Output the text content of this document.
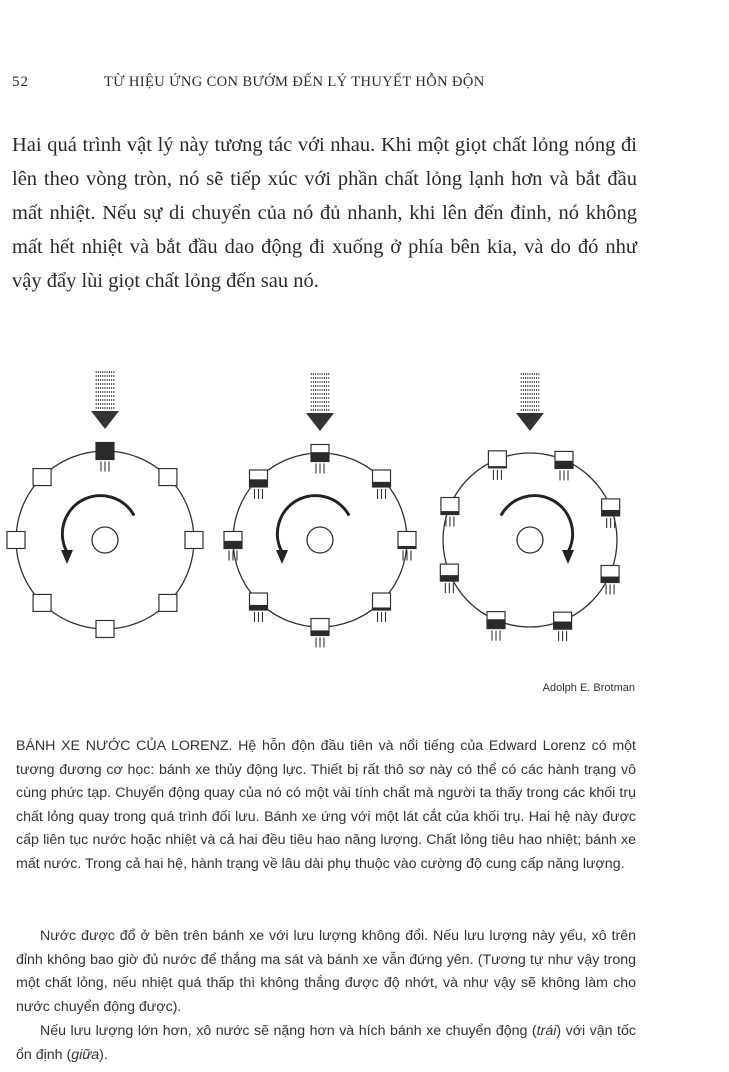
52	TỪ HIỆU ỨNG CON BƯỚM ĐẾN LÝ THUYẾT HỖN ĐỘN

Hai quá trình vật lý này tương tác với nhau. Khi một giọt chất lỏng nóng đi lên theo vòng tròn, nó sẽ tiếp xúc với phần chất lỏng lạnh hơn và bắt đầu mất nhiệt. Nếu sự di chuyển của nó đủ nhanh, khi lên đến đỉnh, nó không mất hết nhiệt và bắt đầu dao động đi xuống ở phía bên kia, và do đó như vậy đẩy lùi giọt chất lỏng đến sau nó.

Adolph E. Brotman

BÁNH XE NƯỚC CỦA LORENZ. Hệ hỗn độn đầu tiên và nổi tiếng của Edward Lorenz có một tương đương cơ học: bánh xe thủy động lực. Thiết bị rất thô sơ này có thể có các hành trạng vô cùng phức tạp. Chuyển động quay của nó có một vài tính chất mà người ta thấy trong các khối trụ chất lỏng quay trong quá trình đối lưu. Bánh xe ứng với một lát cắt của khối trụ. Hai hệ này được cấp liên tục nước hoặc nhiệt và cả hai đều tiêu hao năng lượng. Chất lỏng tiêu hao nhiệt; bánh xe mất nước. Trong cả hai hệ, hành trạng về lâu dài phụ thuộc vào cường độ cung cấp năng lượng.

Nước được đổ ở bên trên bánh xe với lưu lượng không đổi. Nếu lưu lượng này yếu, xô trên đỉnh không bao giờ đủ nước để thắng ma sát và bánh xe vẫn đứng yên. (Tương tự như vậy trong một chất lỏng, nếu nhiệt quá thấp thì không thắng được độ nhớt, và như vậy sẽ không làm cho nước chuyển động được).

Nếu lưu lượng lớn hơn, xô nước sẽ nặng hơn và hích bánh xe chuyển động (trái) với vận tốc ổn định (giữa).
